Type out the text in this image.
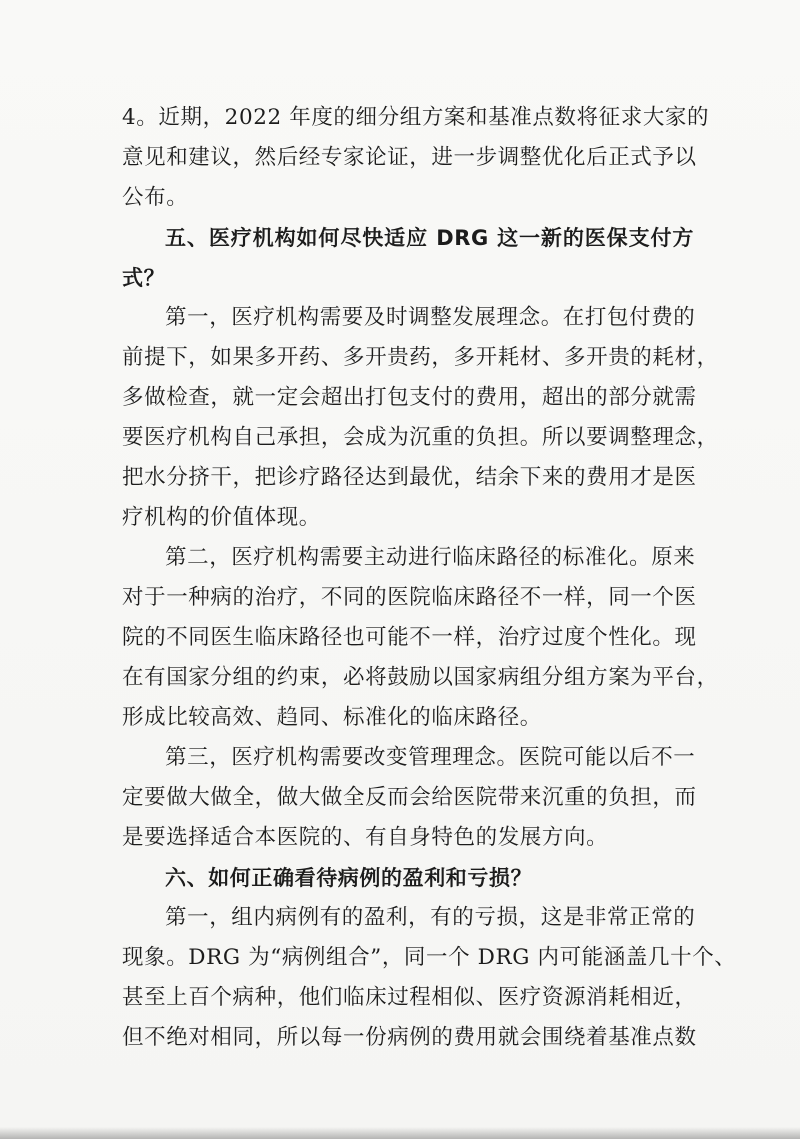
4。近期，2022 年度的细分组方案和基准点数将征求大家的
意见和建议，然后经专家论证，进一步调整优化后正式予以
公布。
五、医疗机构如何尽快适应 DRG 这一新的医保支付方
式？
第一，医疗机构需要及时调整发展理念。在打包付费的
前提下，如果多开药、多开贵药，多开耗材、多开贵的耗材，
多做检查，就一定会超出打包支付的费用，超出的部分就需
要医疗机构自己承担，会成为沉重的负担。所以要调整理念，
把水分挤干，把诊疗路径达到最优，结余下来的费用才是医
疗机构的价值体现。
第二，医疗机构需要主动进行临床路径的标准化。原来
对于一种病的治疗，不同的医院临床路径不一样，同一个医
院的不同医生临床路径也可能不一样，治疗过度个性化。现
在有国家分组的约束，必将鼓励以国家病组分组方案为平台，
形成比较高效、趋同、标准化的临床路径。
第三，医疗机构需要改变管理理念。医院可能以后不一
定要做大做全，做大做全反而会给医院带来沉重的负担，而
是要选择适合本医院的、有自身特色的发展方向。
六、如何正确看待病例的盈利和亏损？
第一，组内病例有的盈利，有的亏损，这是非常正常的
现象。DRG 为“病例组合”，同一个 DRG 内可能涵盖几十个、
甚至上百个病种，他们临床过程相似、医疗资源消耗相近，
但不绝对相同，所以每一份病例的费用就会围绕着基准点数
